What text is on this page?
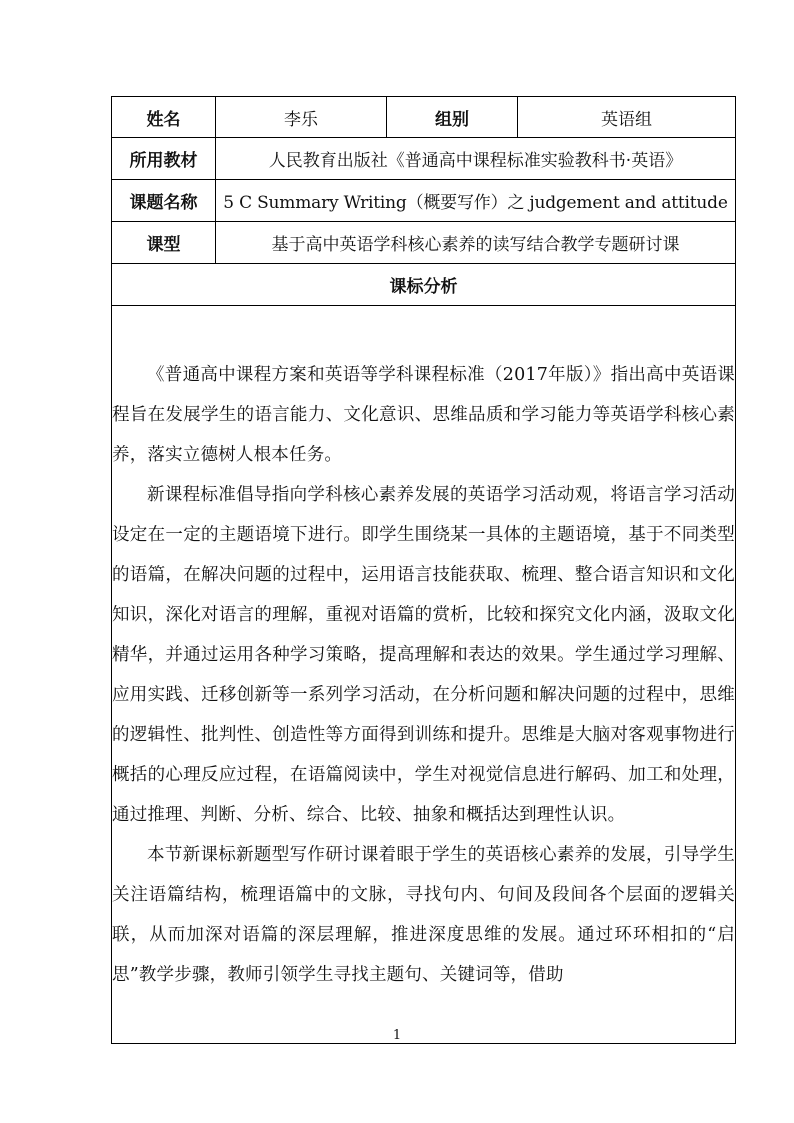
姓名	李乐	组别	英语组
所用教材	人民教育出版社《普通高中课程标准实验教科书·英语》		
课题名称	5 C Summary Writing（概要写作）之 judgement and attitude		
课型	基于高中英语学科核心素养的读写结合教学专题研讨课		
课标分析			

《普通高中课程方案和英语等学科课程标准（2017年版）》指出高中英语课程旨在发展学生的语言能力、文化意识、思维品质和学习能力等英语学科核心素养，落实立德树人根本任务。

新课程标准倡导指向学科核心素养发展的英语学习活动观，将语言学习活动设定在一定的主题语境下进行。即学生围绕某一具体的主题语境，基于不同类型的语篇，在解决问题的过程中，运用语言技能获取、梳理、整合语言知识和文化知识，深化对语言的理解，重视对语篇的赏析，比较和探究文化内涵，汲取文化精华，并通过运用各种学习策略，提高理解和表达的效果。学生通过学习理解、应用实践、迁移创新等一系列学习活动，在分析问题和解决问题的过程中，思维的逻辑性、批判性、创造性等方面得到训练和提升。思维是大脑对客观事物进行概括的心理反应过程，在语篇阅读中，学生对视觉信息进行解码、加工和处理，通过推理、判断、分析、综合、比较、抽象和概括达到理性认识。

本节新课标新题型写作研讨课着眼于学生的英语核心素养的发展，引导学生关注语篇结构，梳理语篇中的文脉，寻找句内、句间及段间各个层面的逻辑关联，从而加深对语篇的深层理解，推进深度思维的发展。通过环环相扣的“启思”教学步骤，教师引领学生寻找主题句、关键词等，借助			

1
